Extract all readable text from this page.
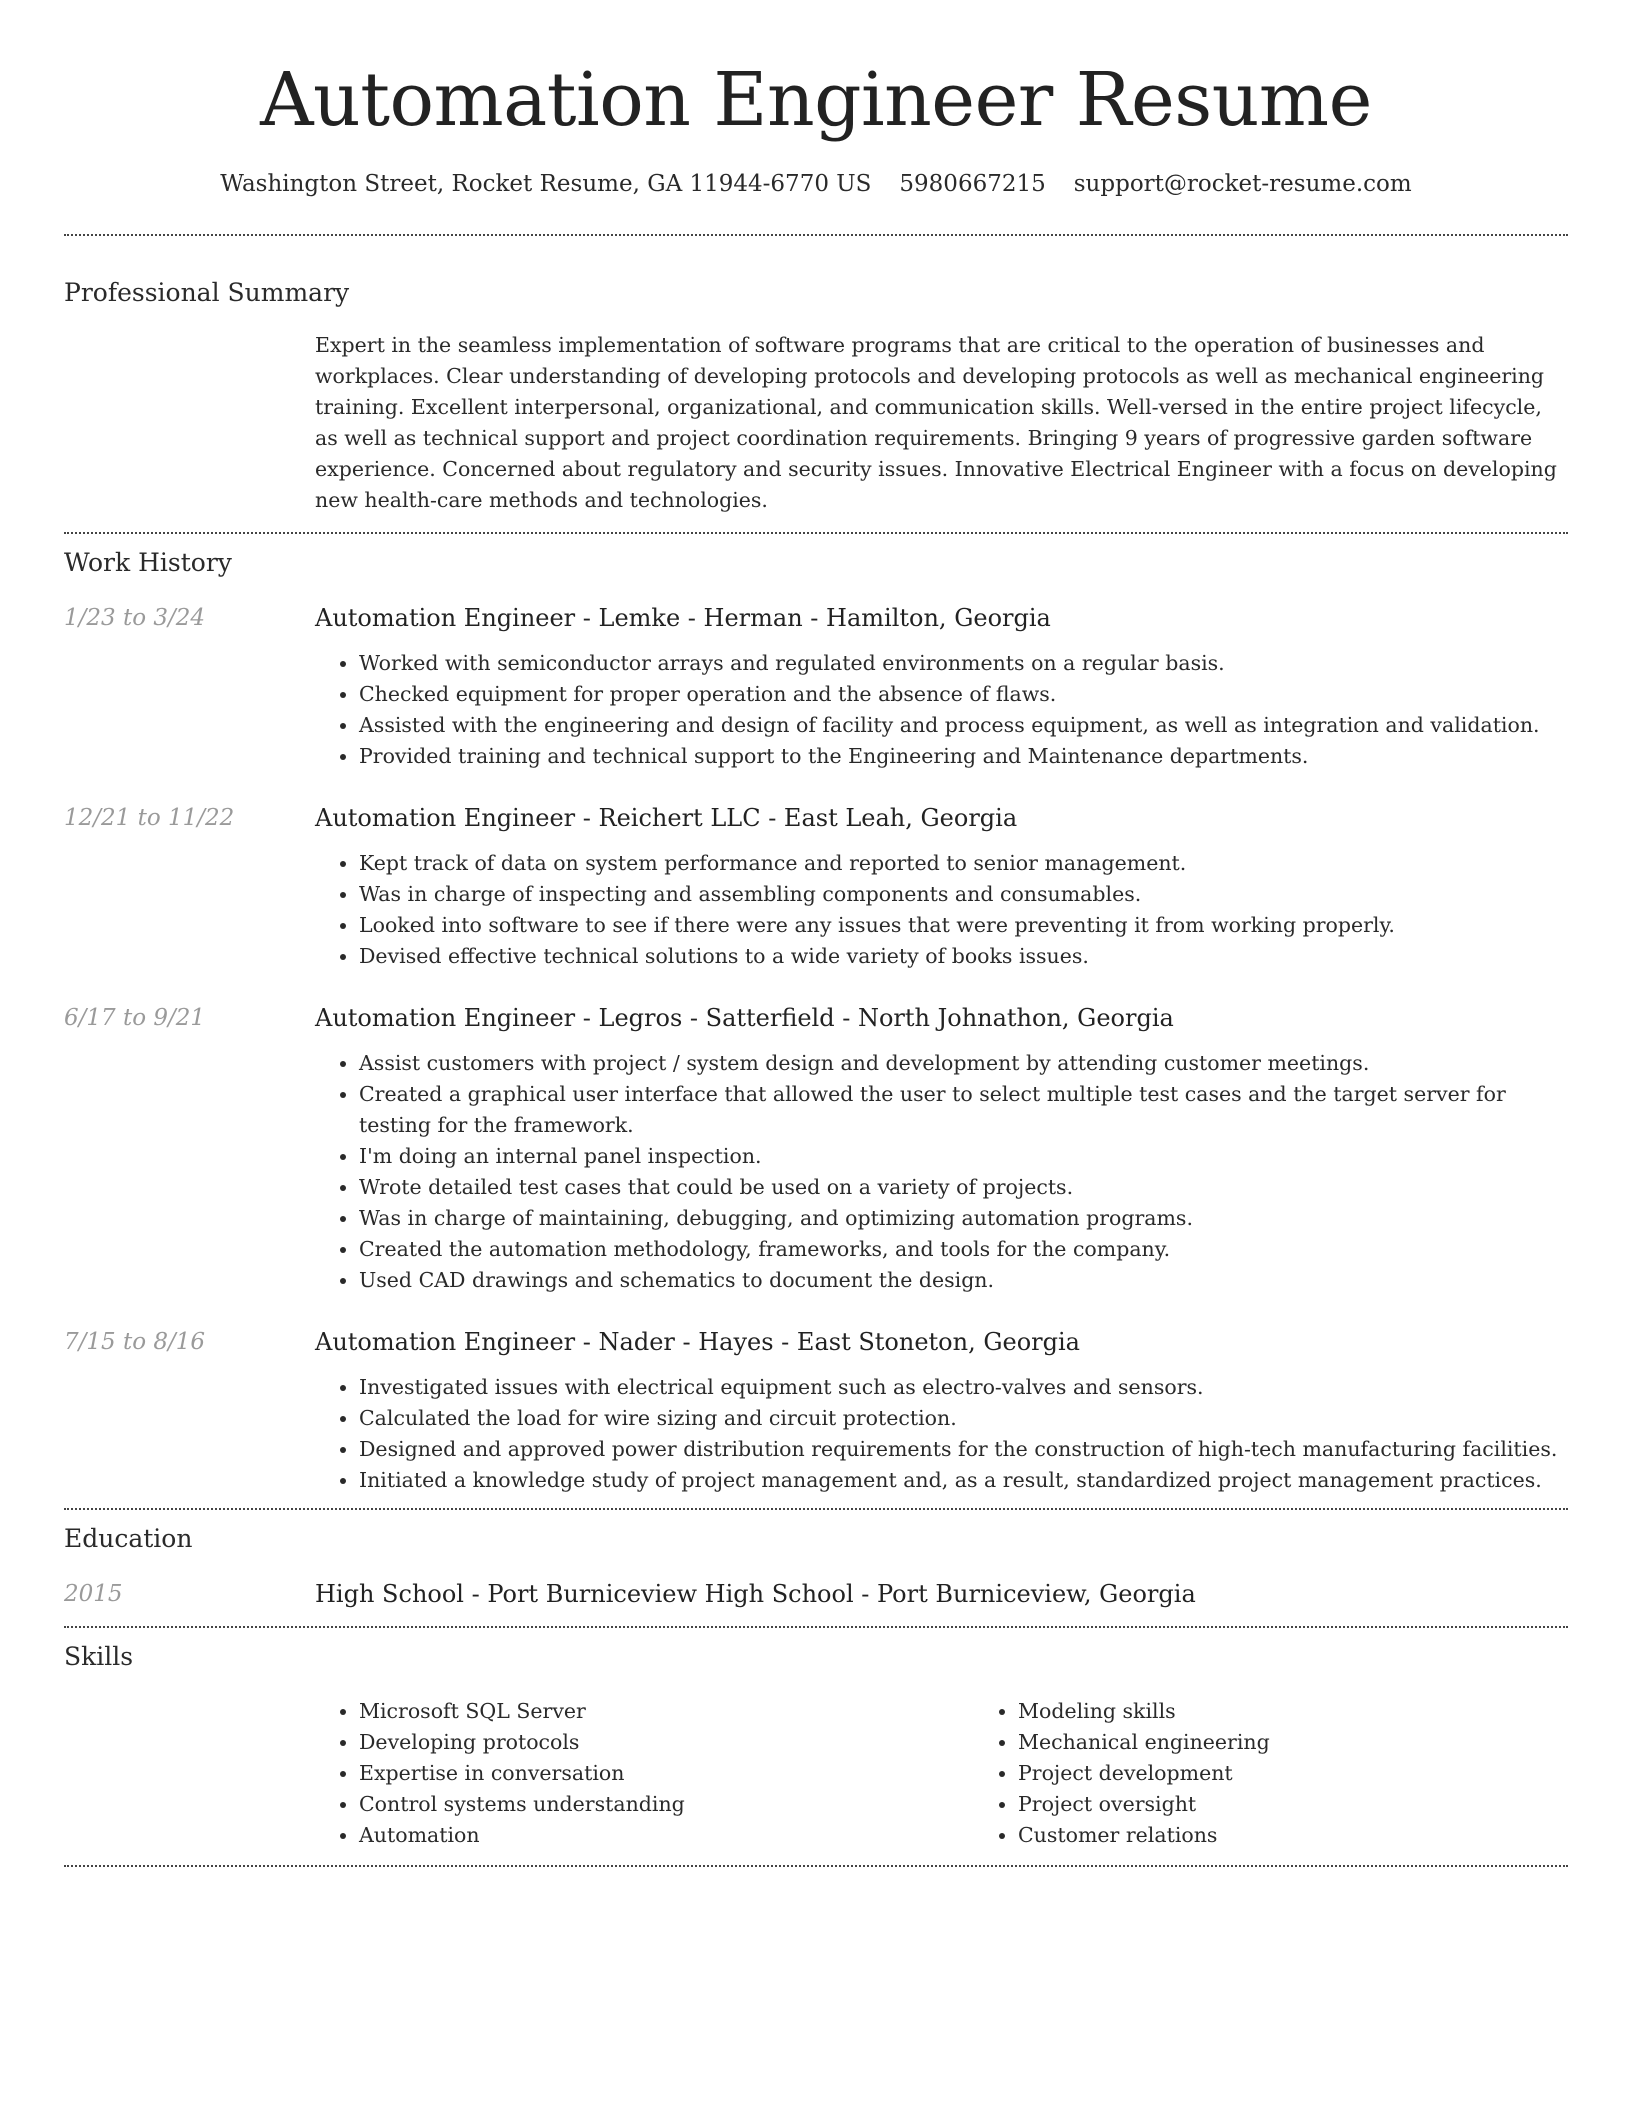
Automation Engineer Resume
Washington Street, Rocket Resume, GA 11944-6770 US 5980667215 support@rocket-resume.com
Professional Summary

Expert in the seamless implementation of software programs that are critical to the operation of businesses and workplaces. Clear understanding of developing protocols and developing protocols as well as mechanical engineering training. Excellent interpersonal, organizational, and communication skills. Well-versed in the entire project lifecycle, as well as technical support and project coordination requirements. Bringing 9 years of progressive garden software experience. Concerned about regulatory and security issues. Innovative Electrical Engineer with a focus on developing new health-care methods and technologies.

Work History
1/23 to 3/24	Automation Engineer - Lemke - Herman - Hamilton, Georgia
• Worked with semiconductor arrays and regulated environments on a regular basis.
• Checked equipment for proper operation and the absence of flaws.
• Assisted with the engineering and design of facility and process equipment, as well as integration and validation.
• Provided training and technical support to the Engineering and Maintenance departments.
12/21 to 11/22	Automation Engineer - Reichert LLC - East Leah, Georgia
• Kept track of data on system performance and reported to senior management.
• Was in charge of inspecting and assembling components and consumables.
• Looked into software to see if there were any issues that were preventing it from working properly.
• Devised effective technical solutions to a wide variety of books issues.
6/17 to 9/21	Automation Engineer - Legros - Satterfield - North Johnathon, Georgia
• Assist customers with project / system design and development by attending customer meetings.
• Created a graphical user interface that allowed the user to select multiple test cases and the target server for testing for the framework.
• I'm doing an internal panel inspection.
• Wrote detailed test cases that could be used on a variety of projects.
• Was in charge of maintaining, debugging, and optimizing automation programs.
• Created the automation methodology, frameworks, and tools for the company.
• Used CAD drawings and schematics to document the design.
7/15 to 8/16	Automation Engineer - Nader - Hayes - East Stoneton, Georgia
• Investigated issues with electrical equipment such as electro-valves and sensors.
• Calculated the load for wire sizing and circuit protection.
• Designed and approved power distribution requirements for the construction of high-tech manufacturing facilities.
• Initiated a knowledge study of project management and, as a result, standardized project management practices.
Education
2015	High School - Port Burniceview High School - Port Burniceview, Georgia
Skills
• Microsoft SQL Server
• Developing protocols
• Expertise in conversation
• Control systems understanding
• Automation
• Modeling skills
• Mechanical engineering
• Project development
• Project oversight
• Customer relations
